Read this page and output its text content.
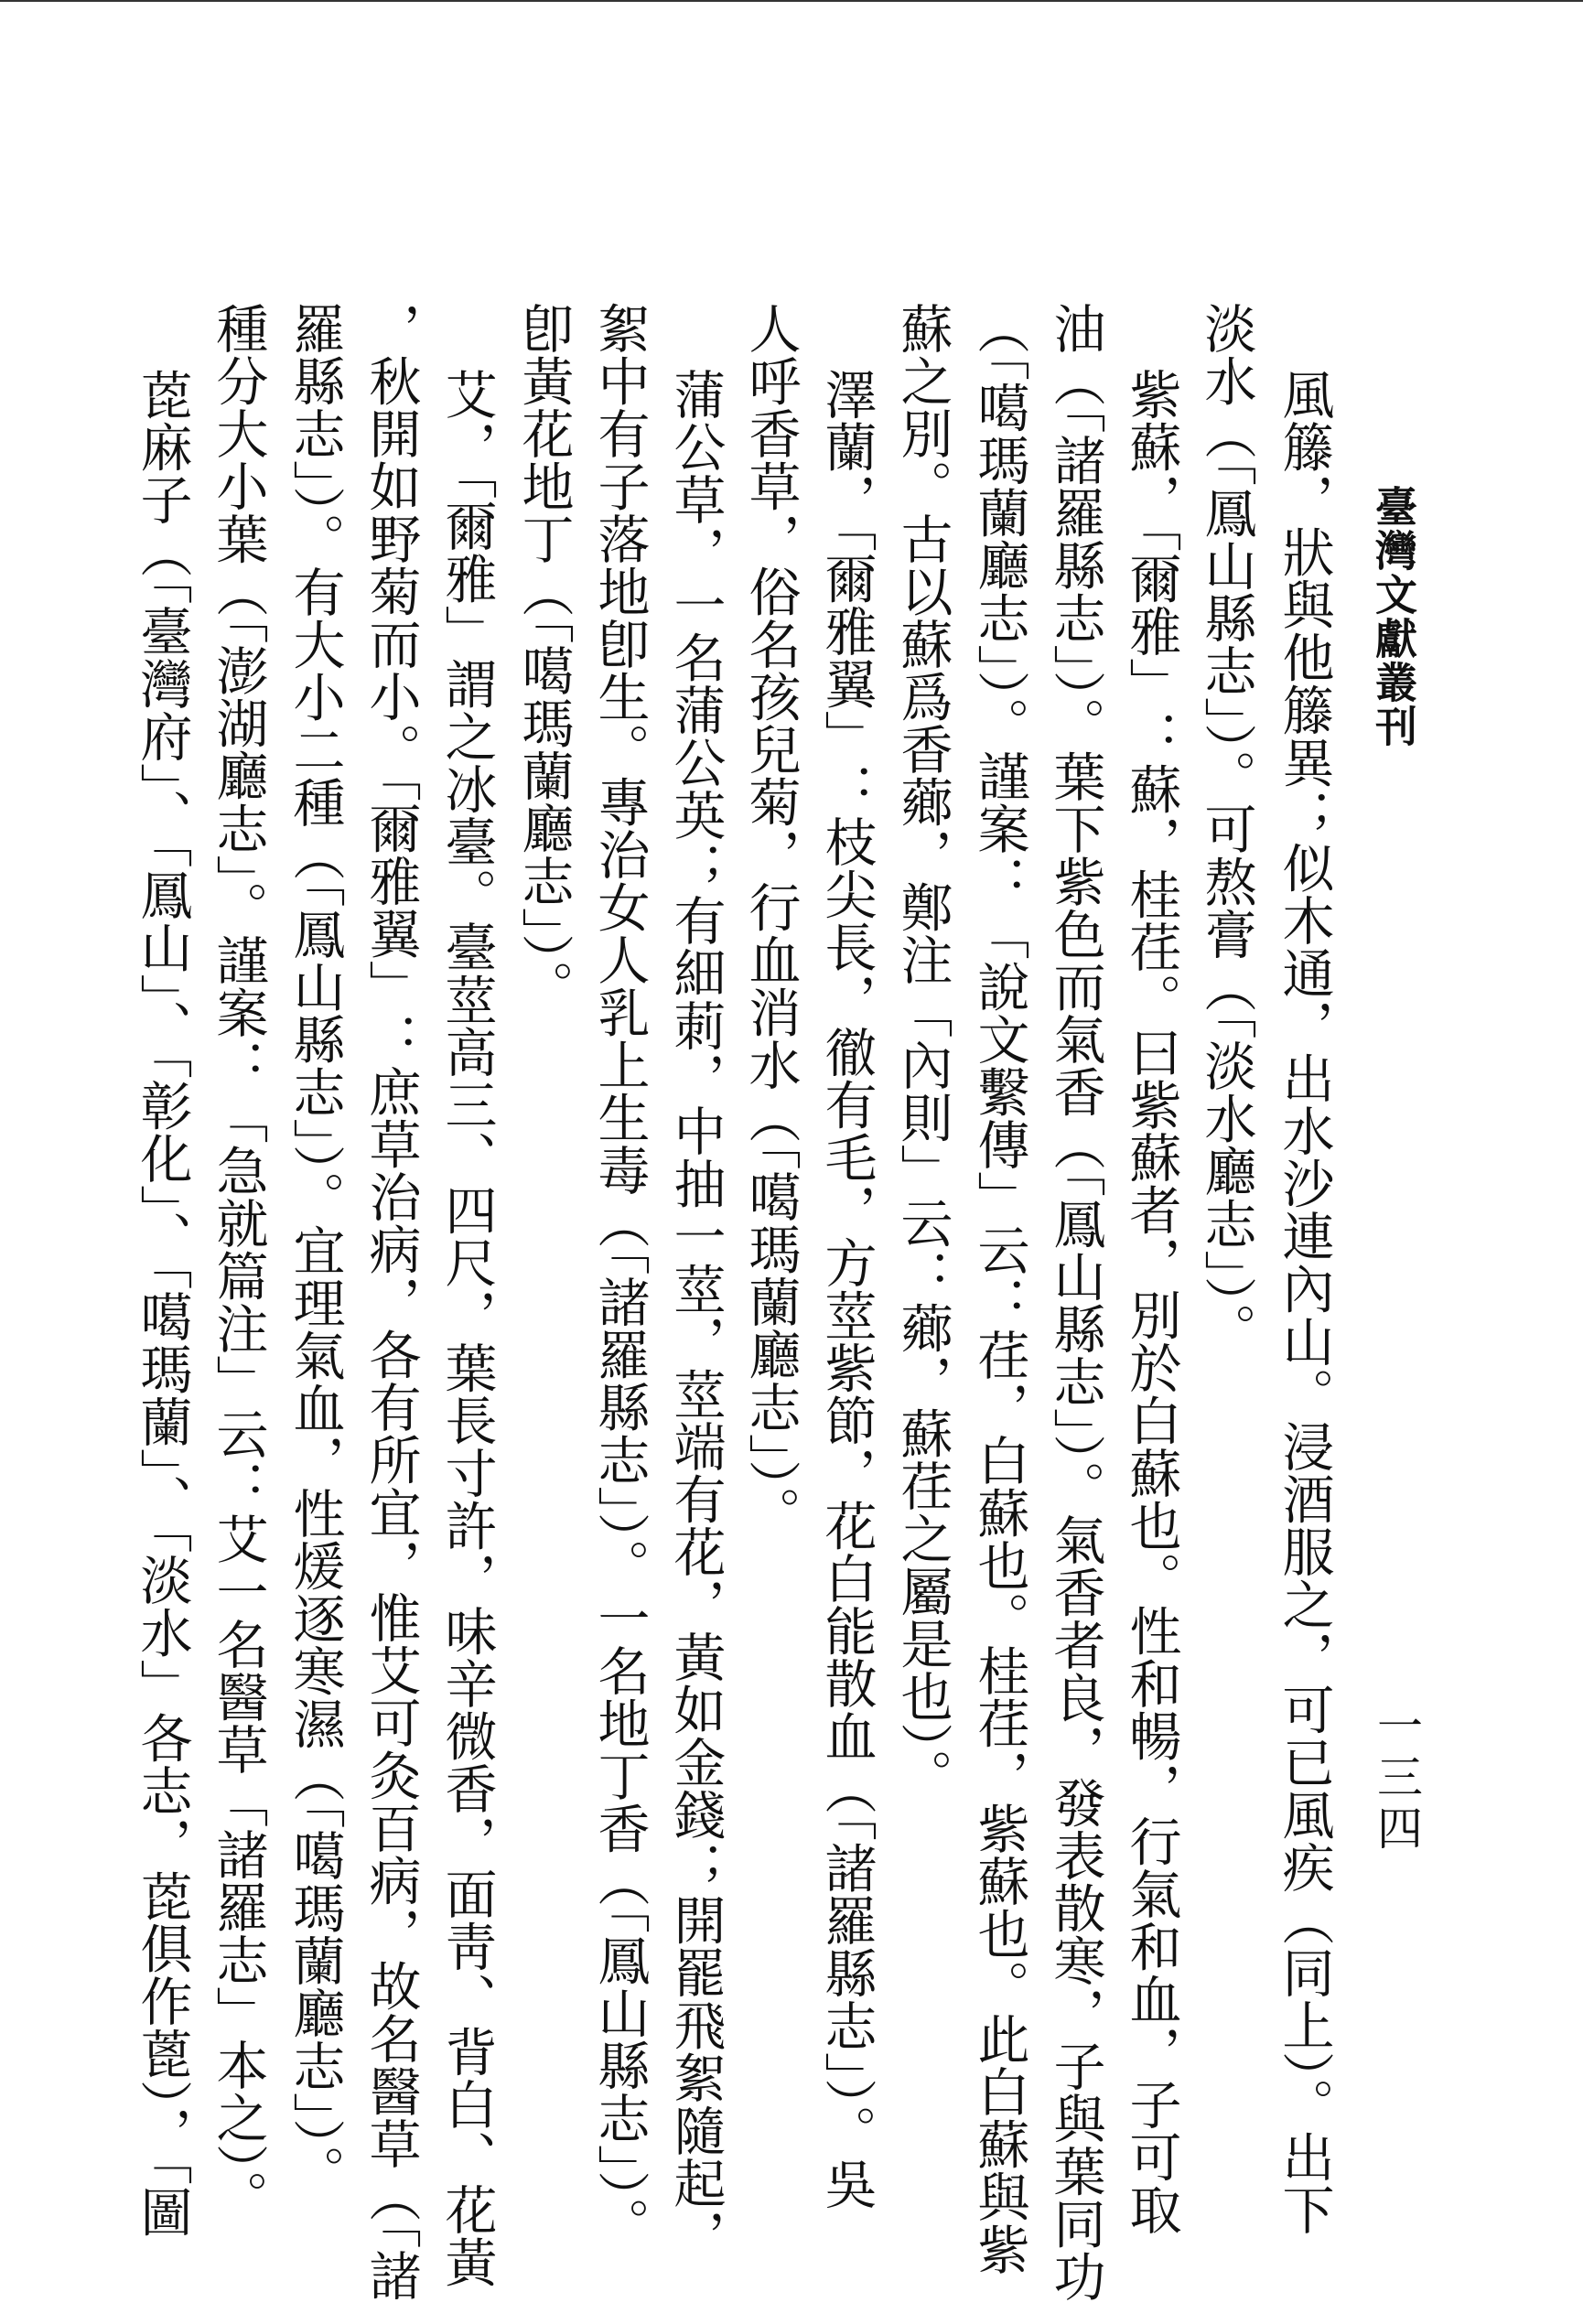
臺灣文獻叢刊
一三四
風籐，狀與他籐異；似木通，出水沙連內山。浸酒服之，可已風疾（同上）。出下
淡水（「鳳山縣志」）。可熬膏（「淡水廳志」）。
紫蘇，「爾雅」：蘇，桂荏。曰紫蘇者，別於白蘇也。性和暢，行氣和血，子可取
油（「諸羅縣志」）。葉下紫色而氣香（「鳳山縣志」）。氣香者良，發表散寒，子與葉同功
（「噶瑪蘭廳志」）。謹案：「說文繫傳」云：荏，白蘇也。桂荏，紫蘇也。此白蘇與紫
蘇之別。古以蘇爲香薌，鄭注「內則」云：薌，蘇荏之屬是也）。
澤蘭，「爾雅翼」：枝尖長，徹有毛，方莖紫節，花白能散血（「諸羅縣志」）。吳
人呼香草，俗名孩兒菊，行血消水（「噶瑪蘭廳志」）。
蒲公草，一名蒲公英；有細莿，中抽一莖，莖端有花，黃如金錢；開罷飛絮隨起，
絮中有子落地卽生。專治女人乳上生毒（「諸羅縣志」）。一名地丁香（「鳳山縣志」）。
卽黃花地丁（「噶瑪蘭廳志」）。
艾，「爾雅」謂之冰臺。臺莖高三、四尺，葉長寸許，味辛微香，面靑、背白、花黃
，秋開如野菊而小。「爾雅翼」：庶草治病，各有所宜，惟艾可灸百病，故名醫草（「諸
羅縣志」）。有大小二種（「鳳山縣志」）。宜理氣血，性煖逐寒濕（「噶瑪蘭廳志」）。
種分大小葉（「澎湖廳志」。謹案：「急就篇注」云：艾一名醫草「諸羅志」本之）。
萞麻子（「臺灣府」、「鳳山」、「彰化」、「噶瑪蘭」、「淡水」各志，萞俱作蓖），「圖
